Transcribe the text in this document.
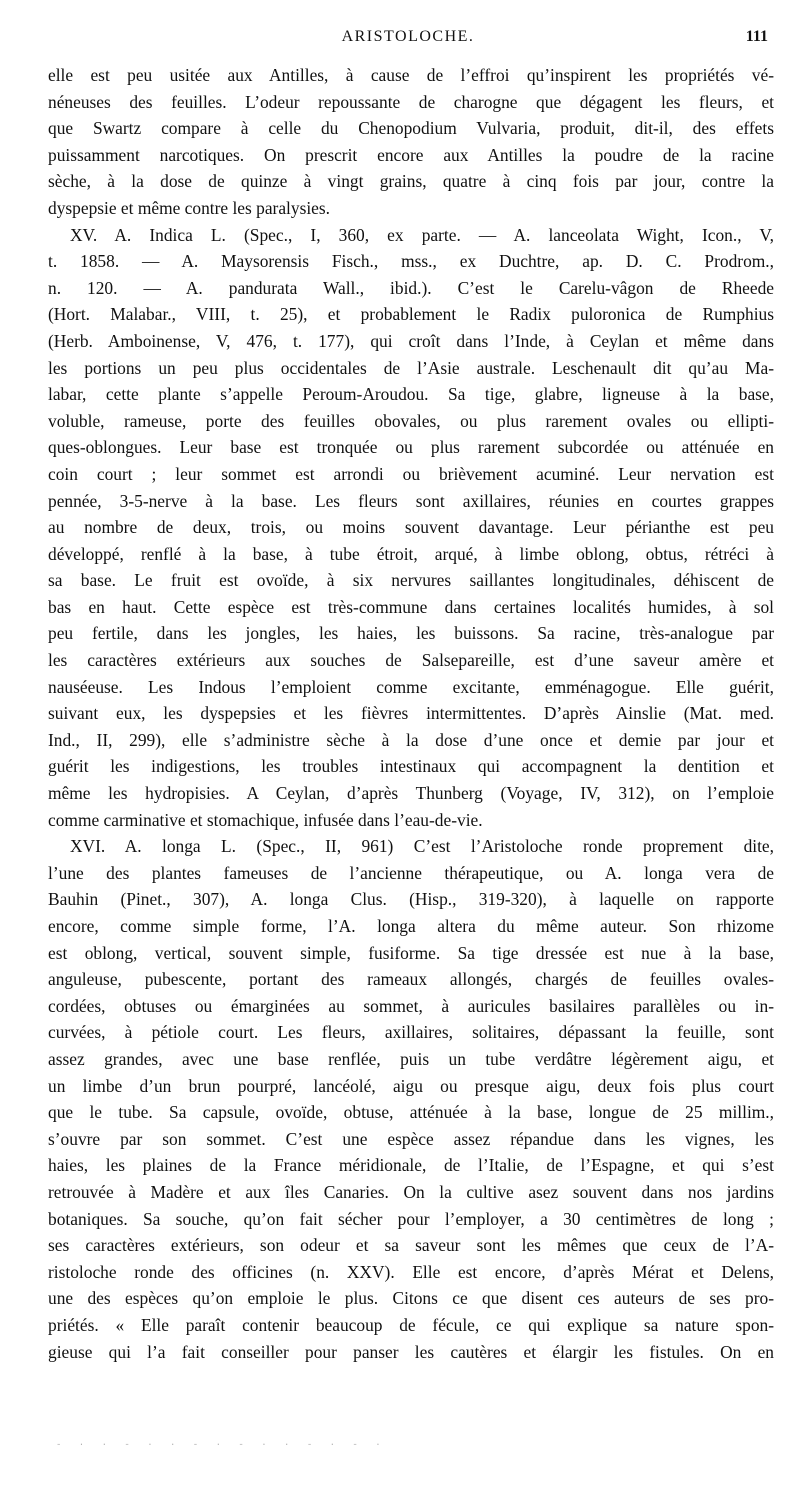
ARISTOLOCHE.	111
elle est peu usitée aux Antilles, à cause de l’effroi qu’inspirent les propriétés vé-
néneuses des feuilles. L’odeur repoussante de charogne que dégagent les fleurs, et
que Swartz compare à celle du Chenopodium Vulvaria, produit, dit-il, des effets
puissamment narcotiques. On prescrit encore aux Antilles la poudre de la racine
sèche, à la dose de quinze à vingt grains, quatre à cinq fois par jour, contre la
dyspepsie et même contre les paralysies.
XV. A. Indica L. (Spec., I, 360, ex parte. — A. lanceolata Wight, Icon., V,
t. 1858. — A. Maysorensis Fisch., mss., ex Duchtre, ap. D. C. Prodrom.,
n. 120. — A. pandurata Wall., ibid.). C’est le Carelu-vâgon de Rheede
(Hort. Malabar., VIII, t. 25), et probablement le Radix puloronica de Rumphius
(Herb. Amboinense, V, 476, t. 177), qui croît dans l’Inde, à Ceylan et même dans
les portions un peu plus occidentales de l’Asie australe. Leschenault dit qu’au Ma-
labar, cette plante s’appelle Peroum-Aroudou. Sa tige, glabre, ligneuse à la base,
voluble, rameuse, porte des feuilles obovales, ou plus rarement ovales ou ellipti-
ques-oblongues. Leur base est tronquée ou plus rarement subcordée ou atténuée en
coin court ; leur sommet est arrondi ou brièvement acuminé. Leur nervation est
pennée, 3-5-nerve à la base. Les fleurs sont axillaires, réunies en courtes grappes
au nombre de deux, trois, ou moins souvent davantage. Leur périanthe est peu
développé, renflé à la base, à tube étroit, arqué, à limbe oblong, obtus, rétréci à
sa base. Le fruit est ovoïde, à six nervures saillantes longitudinales, déhiscent de
bas en haut. Cette espèce est très-commune dans certaines localités humides, à sol
peu fertile, dans les jongles, les haies, les buissons. Sa racine, très-analogue par
les caractères extérieurs aux souches de Salsepareille, est d’une saveur amère et
nauséeuse. Les Indous l’emploient comme excitante, emménagogue. Elle guérit,
suivant eux, les dyspepsies et les fièvres intermittentes. D’après Ainslie (Mat. med.
Ind., II, 299), elle s’administre sèche à la dose d’une once et demie par jour et
guérit les indigestions, les troubles intestinaux qui accompagnent la dentition et
même les hydropisies. A Ceylan, d’après Thunberg (Voyage, IV, 312), on l’emploie
comme carminative et stomachique, infusée dans l’eau-de-vie.
XVI. A. longa L. (Spec., II, 961) C’est l’Aristoloche ronde proprement dite,
l’une des plantes fameuses de l’ancienne thérapeutique, ou A. longa vera de
Bauhin (Pinet., 307), A. longa Clus. (Hisp., 319-320), à laquelle on rapporte
encore, comme simple forme, l’A. longa altera du même auteur. Son rhizome
est oblong, vertical, souvent simple, fusiforme. Sa tige dressée est nue à la base,
anguleuse, pubescente, portant des rameaux allongés, chargés de feuilles ovales-
cordées, obtuses ou émarginées au sommet, à auricules basilaires parallèles ou in-
curvées, à pétiole court. Les fleurs, axillaires, solitaires, dépassant la feuille, sont
assez grandes, avec une base renflée, puis un tube verdâtre légèrement aigu, et
un limbe d’un brun pourpré, lancéolé, aigu ou presque aigu, deux fois plus court
que le tube. Sa capsule, ovoïde, obtuse, atténuée à la base, longue de 25 millim.,
s’ouvre par son sommet. C’est une espèce assez répandue dans les vignes, les
haies, les plaines de la France méridionale, de l’Italie, de l’Espagne, et qui s’est
retrouvée à Madère et aux îles Canaries. On la cultive asez souvent dans nos jardins
botaniques. Sa souche, qu’on fait sécher pour l’employer, a 30 centimètres de long ;
ses caractères extérieurs, son odeur et sa saveur sont les mêmes que ceux de l’A-
ristoloche ronde des officines (n. XXV). Elle est encore, d’après Mérat et Delens,
une des espèces qu’on emploie le plus. Citons ce que disent ces auteurs de ses pro-
priétés. « Elle paraît contenir beaucoup de fécule, ce qui explique sa nature spon-
gieuse qui l’a fait conseiller pour panser les cautères et élargir les fistules. On en
- · · - · · - · - · · - · - ·
